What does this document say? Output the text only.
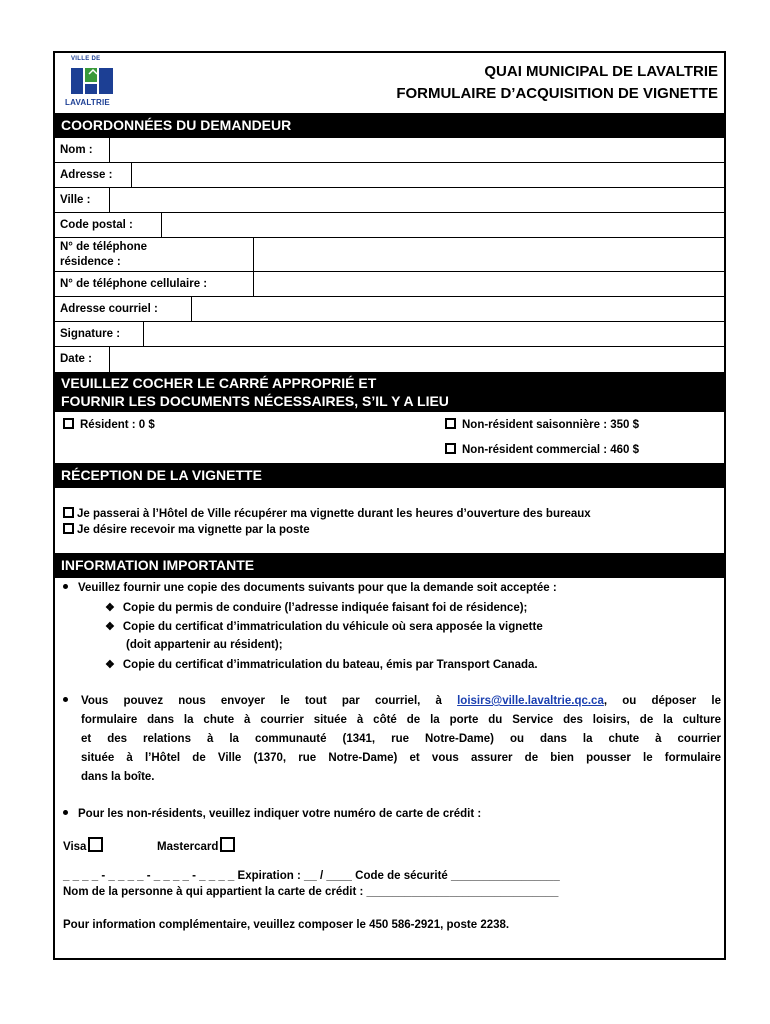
VILLE DE
LAVALTRIE
QUAI MUNICIPAL DE LAVALTRIE
FORMULAIRE D’ACQUISITION DE VIGNETTE
COORDONNÉES DU DEMANDEUR
Nom :
Adresse :
Ville :
Code postal :
N° de téléphone
résidence :
N° de téléphone cellulaire :
Adresse courriel :
Signature :
Date :
VEUILLEZ COCHER LE CARRÉ APPROPRIÉ ET
FOURNIR LES DOCUMENTS NÉCESSAIRES, S’IL Y A LIEU
Résident : 0 $	Non-résident saisonnière : 350 $
Non-résident commercial : 460 $
RÉCEPTION DE LA VIGNETTE
Je passerai à l’Hôtel de Ville récupérer ma vignette durant les heures d’ouverture des bureaux
Je désire recevoir ma vignette par la poste
INFORMATION IMPORTANTE
Veuillez fournir une copie des documents suivants pour que la demande soit acceptée :
❖ Copie du permis de conduire (l’adresse indiquée faisant foi de résidence);
❖ Copie du certificat d’immatriculation du véhicule où sera apposée la vignette
(doit appartenir au résident);
❖ Copie du certificat d’immatriculation du bateau, émis par Transport Canada.
Vous pouvez nous envoyer le tout par courriel, à loisirs@ville.lavaltrie.qc.ca, ou déposer le
formulaire dans la chute à courrier située à côté de la porte du Service des loisirs, de la culture
et des relations à la communauté (1341, rue Notre-Dame) ou dans la chute à courrier
située à l’Hôtel de Ville (1370, rue Notre-Dame) et vous assurer de bien pousser le formulaire
dans la boîte.
Pour les non-résidents, veuillez indiquer votre numéro de carte de crédit :
Visa	Mastercard
_ _ _ _ - _ _ _ _ - _ _ _ _ - _ _ _ _ Expiration : __ / ____ Code de sécurité _________________
Nom de la personne à qui appartient la carte de crédit : ______________________________
Pour information complémentaire, veuillez composer le 450 586-2921, poste 2238.
